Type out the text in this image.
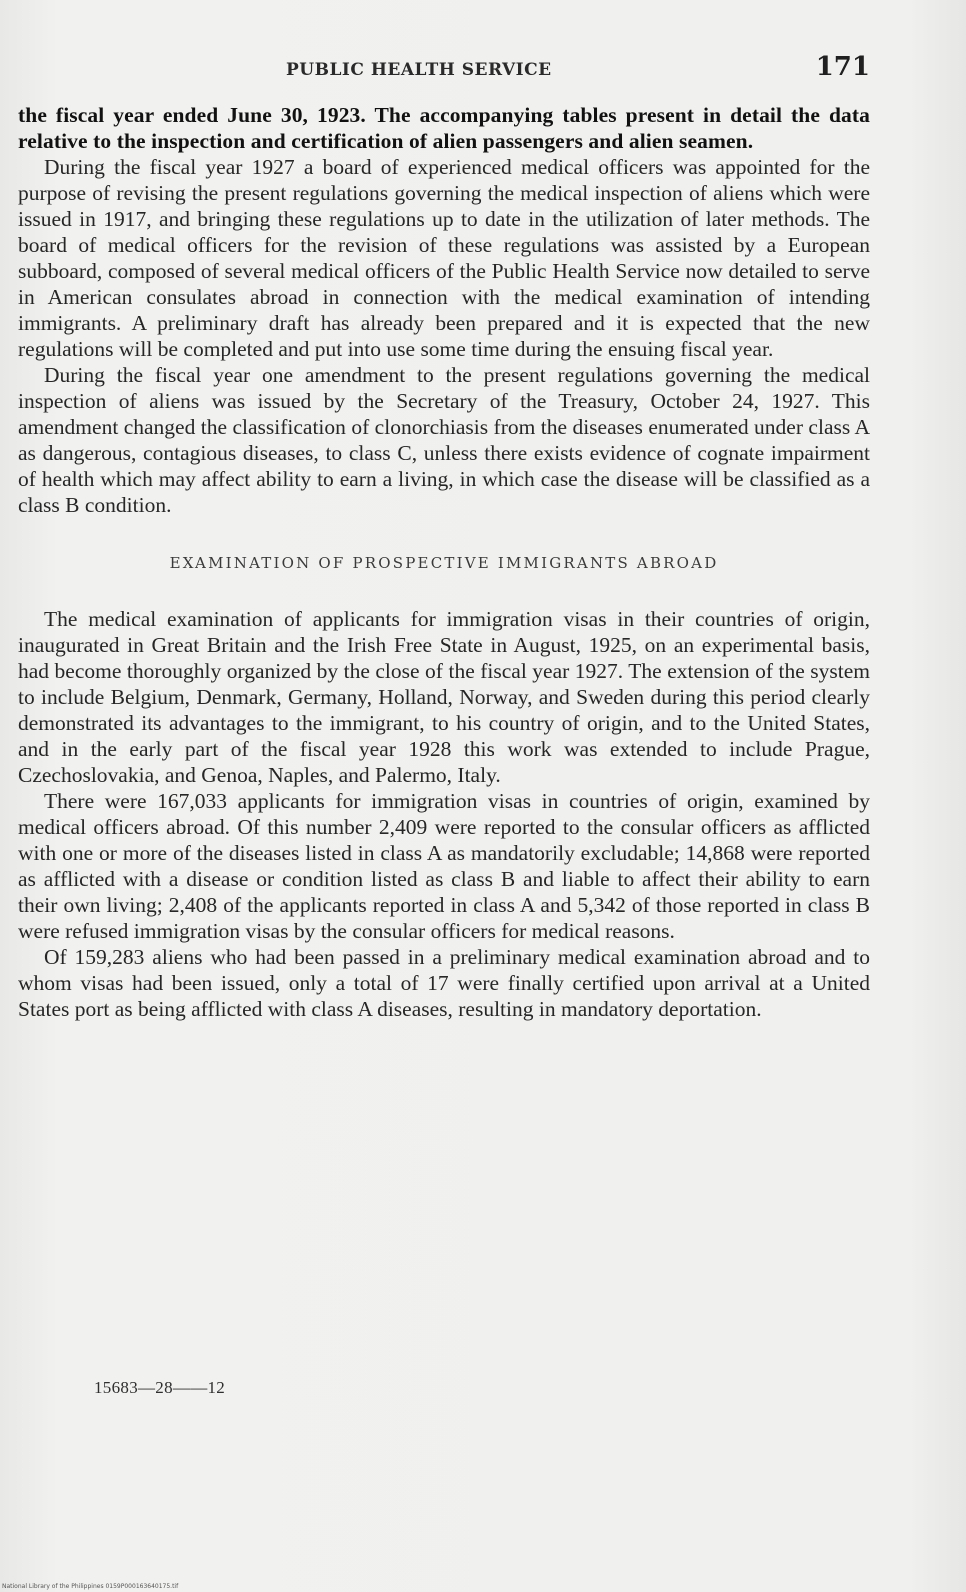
PUBLIC HEALTH SERVICE	171

the fiscal year ended June 30, 1923. The accompanying tables present in detail the data relative to the inspection and certification of alien passengers and alien seamen.

During the fiscal year 1927 a board of experienced medical officers was appointed for the purpose of revising the present regulations governing the medical inspection of aliens which were issued in 1917, and bringing these regulations up to date in the utilization of later methods. The board of medical officers for the revision of these regulations was assisted by a European subboard, composed of several medical officers of the Public Health Service now detailed to serve in American consulates abroad in connection with the medical examination of intending immigrants. A preliminary draft has already been prepared and it is expected that the new regulations will be completed and put into use some time during the ensuing fiscal year.

During the fiscal year one amendment to the present regulations governing the medical inspection of aliens was issued by the Secretary of the Treasury, October 24, 1927. This amendment changed the classification of clonorchiasis from the diseases enumerated under class A as dangerous, contagious diseases, to class C, unless there exists evidence of cognate impairment of health which may affect ability to earn a living, in which case the disease will be classified as a class B condition.

EXAMINATION OF PROSPECTIVE IMMIGRANTS ABROAD

The medical examination of applicants for immigration visas in their countries of origin, inaugurated in Great Britain and the Irish Free State in August, 1925, on an experimental basis, had become thoroughly organized by the close of the fiscal year 1927. The extension of the system to include Belgium, Denmark, Germany, Holland, Norway, and Sweden during this period clearly demonstrated its advantages to the immigrant, to his country of origin, and to the United States, and in the early part of the fiscal year 1928 this work was extended to include Prague, Czechoslovakia, and Genoa, Naples, and Palermo, Italy.

There were 167,033 applicants for immigration visas in countries of origin, examined by medical officers abroad. Of this number 2,409 were reported to the consular officers as afflicted with one or more of the diseases listed in class A as mandatorily excludable; 14,868 were reported as afflicted with a disease or condition listed as class B and liable to affect their ability to earn their own living; 2,408 of the applicants reported in class A and 5,342 of those reported in class B were refused immigration visas by the consular officers for medical reasons.

Of 159,283 aliens who had been passed in a preliminary medical examination abroad and to whom visas had been issued, only a total of 17 were finally certified upon arrival at a United States port as being afflicted with class A diseases, resulting in mandatory deportation.

15683—28——12
National Library of the Philippines 0159P000163640175.tif
